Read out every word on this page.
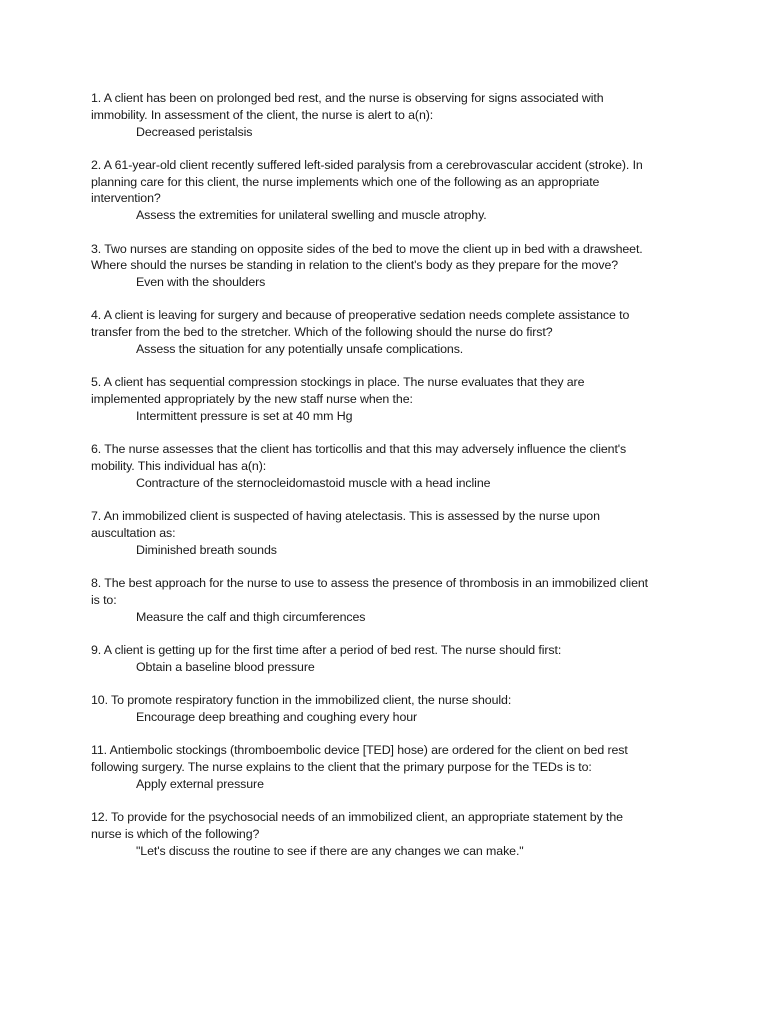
1. A client has been on prolonged bed rest, and the nurse is observing for signs associated with
immobility. In assessment of the client, the nurse is alert to a(n):

Decreased peristalsis

2. A 61-year-old client recently suffered left-sided paralysis from a cerebrovascular accident (stroke). In
planning care for this client, the nurse implements which one of the following as an appropriate
intervention?

Assess the extremities for unilateral swelling and muscle atrophy.

3. Two nurses are standing on opposite sides of the bed to move the client up in bed with a drawsheet.
Where should the nurses be standing in relation to the client's body as they prepare for the move?

Even with the shoulders

4. A client is leaving for surgery and because of preoperative sedation needs complete assistance to
transfer from the bed to the stretcher. Which of the following should the nurse do first?

Assess the situation for any potentially unsafe complications.

5. A client has sequential compression stockings in place. The nurse evaluates that they are
implemented appropriately by the new staff nurse when the:

Intermittent pressure is set at 40 mm Hg

6. The nurse assesses that the client has torticollis and that this may adversely influence the client's
mobility. This individual has a(n):

Contracture of the sternocleidomastoid muscle with a head incline

7. An immobilized client is suspected of having atelectasis. This is assessed by the nurse upon
auscultation as:

Diminished breath sounds

8. The best approach for the nurse to use to assess the presence of thrombosis in an immobilized client
is to:

Measure the calf and thigh circumferences

9. A client is getting up for the first time after a period of bed rest. The nurse should first:

Obtain a baseline blood pressure

10. To promote respiratory function in the immobilized client, the nurse should:

Encourage deep breathing and coughing every hour

11. Antiembolic stockings (thromboembolic device [TED] hose) are ordered for the client on bed rest
following surgery. The nurse explains to the client that the primary purpose for the TEDs is to:

Apply external pressure

12. To provide for the psychosocial needs of an immobilized client, an appropriate statement by the
nurse is which of the following?

"Let's discuss the routine to see if there are any changes we can make."
